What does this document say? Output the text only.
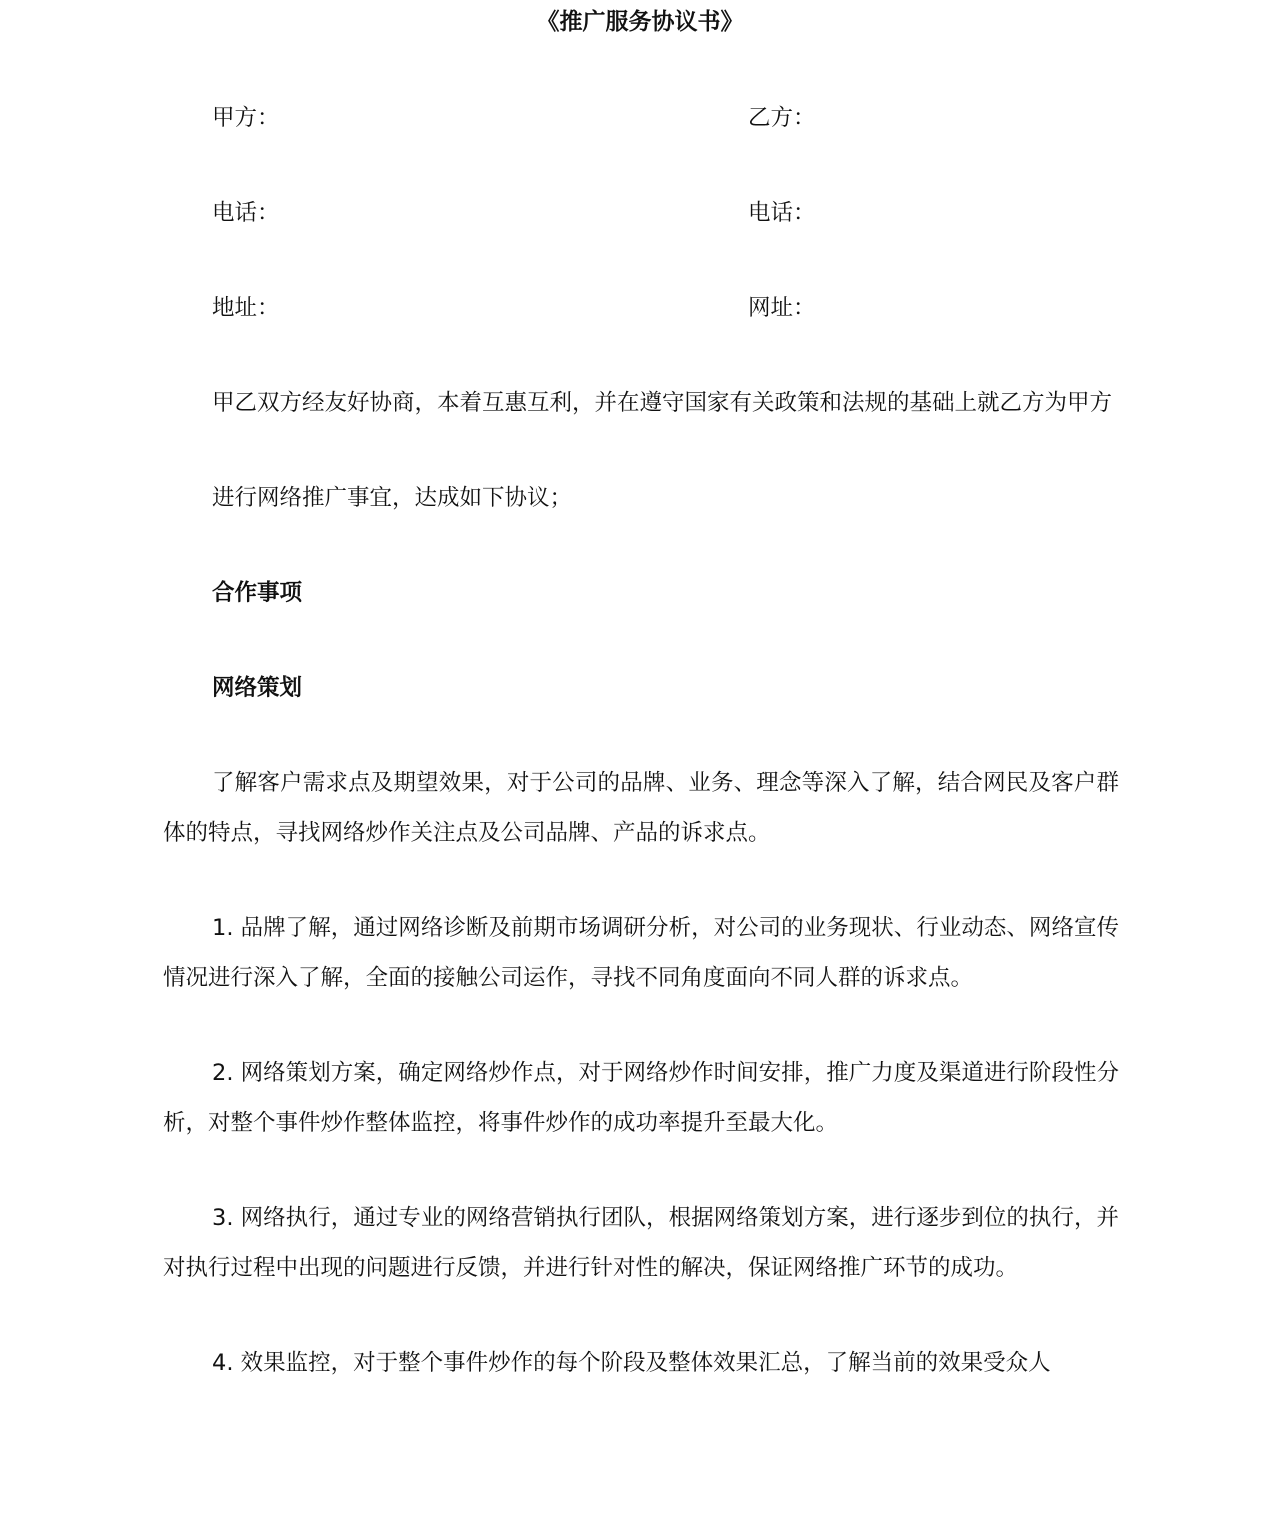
《推广服务协议书》
甲方：	乙方：
电话：	电话：
地址：	网址：

甲乙双方经友好协商，本着互惠互利，并在遵守国家有关政策和法规的基础上就乙方为甲方

进行网络推广事宜，达成如下协议；

合作事项

网络策划

了解客户需求点及期望效果，对于公司的品牌、业务、理念等深入了解，结合网民及客户群体的特点，寻找网络炒作关注点及公司品牌、产品的诉求点。

1. 品牌了解，通过网络诊断及前期市场调研分析，对公司的业务现状、行业动态、网络宣传情况进行深入了解，全面的接触公司运作，寻找不同角度面向不同人群的诉求点。

2. 网络策划方案，确定网络炒作点，对于网络炒作时间安排，推广力度及渠道进行阶段性分析，对整个事件炒作整体监控，将事件炒作的成功率提升至最大化。

3. 网络执行，通过专业的网络营销执行团队，根据网络策划方案，进行逐步到位的执行，并对执行过程中出现的问题进行反馈，并进行针对性的解决，保证网络推广环节的成功。

4. 效果监控，对于整个事件炒作的每个阶段及整体效果汇总，了解当前的效果受众人
